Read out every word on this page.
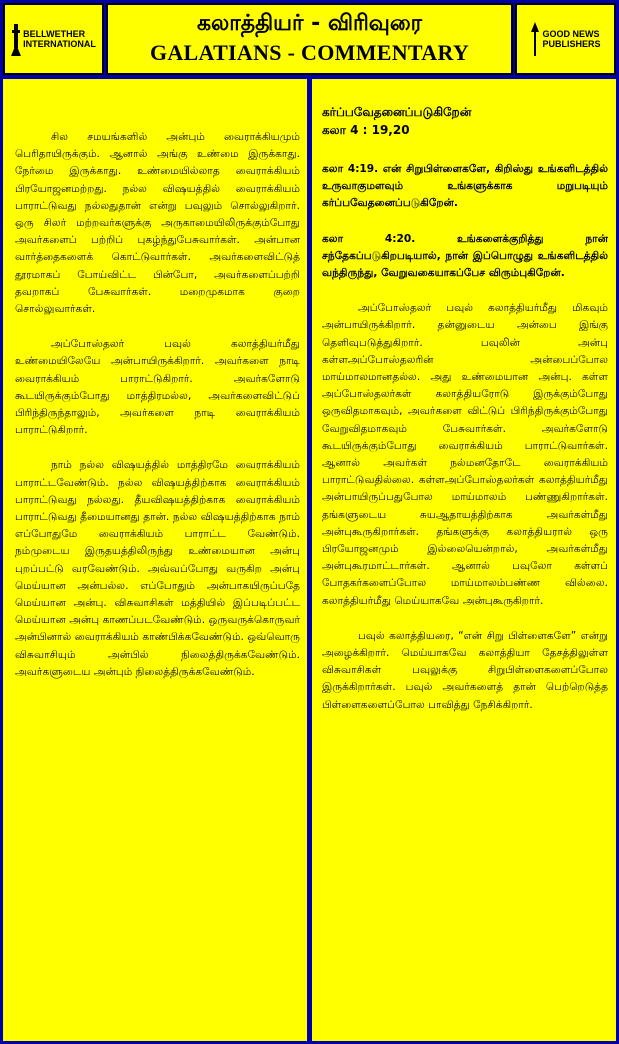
BELLWETHER
INTERNATIONAL
கலாத்தியர் - விரிவுரை
GALATIANS - COMMENTARY
GOOD NEWS
PUBLISHERS

சில சமயங்களில் அன்பும் வைராக்கியமும் பெரிதாயிருக்கும். ஆனால் அங்கு உண்மை இருக்காது. நேர்மை இருக்காது. உண்மையில்லாத வைராக்கியம் பிரயோஜனமற்றது. நல்ல விஷயத்தில் வைராக்கியம் பாராட்டுவது நல்லதுதான் என்று பவுலும் சொல்லுகிறார். ஒரு சிலர் மற்றவர்களுக்கு அருகாமையிலிருக்கும்போது அவர்களைப் பற்றிப் புகழ்ந்துபேசுவார்கள். அன்பான வார்த்தைகளைக் கொட்டுவார்கள். அவர்களைவிட்டுத் தூரமாகப் போய்விட்ட பின்போ, அவர்களைப்பற்றி தவறாகப் பேசுவார்கள். மறைமுகமாக குறை சொல்லுவார்கள்.

அப்போஸ்தலர் பவுல் கலாத்தியர்மீது உண்மையிலேயே அன்பாயிருக்கிறார். அவர்களை நாடி வைராக்கியம் பாராட்டுகிறார். அவர்களோடு கூடயிருக்கும்போது மாத்திரமல்ல, அவர்களைவிட்டுப் பிரிந்திருந்தாலும், அவர்களை நாடி வைராக்கியம் பாராட்டுகிறார்.

நாம் நல்ல விஷயத்தில் மாத்திரமே வைராக்கியம் பாராட்டவேண்டும். நல்ல விஷயத்திற்காக வைராக்கியம் பாராட்டுவது நல்லது. தீயவிஷயத்திற்காக வைராக்கியம் பாராட்டுவது தீமையானது தான். நல்ல விஷயத்திற்காக நாம் எப்போதுமே வைராக்கியம் பாராட்ட வேண்டும். நம்முடைய இருதயத்திலிருந்து உண்மையான அன்பு புறப்பட்டு வரவேண்டும். அவ்வப்போது வருகிற அன்பு மெய்யான அன்பல்ல. எப்போதும் அன்பாகயிருப்பதே மெய்யான அன்பு. விசுவாசிகள் மத்தியில் இப்படிப்பட்ட மெய்யான அன்பு காணப்படவேண்டும். ஒருவருக்கொருவர் அன்பினால் வைராக்கியம் காண்பிக்கவேண்டும். ஒவ்வொரு விசுவாசியும் அன்பில் நிலைத்திருக்கவேண்டும். அவர்களுடைய அன்பும் நிலைத்திருக்கவேண்டும்.

கர்ப்பவேதனைப்படுகிறேன்
கலா 4 : 19,20

கலா 4:19. என் சிறுபிள்ளைகளே, கிறிஸ்து உங்களிடத்தில் உருவாகுமளவும் உங்களுக்காக மறுபடியும் கர்ப்பவேதனைப்படுகிறேன்.

கலா 4:20. உங்களைக்குறித்து நான் சந்தேகப்படுகிறபடியால், நான் இப்பொழுது உங்களிடத்தில் வந்திருந்து, வேறுவகையாகப்பேச விரும்புகிறேன்.

அப்போஸ்தலர் பவுல் கலாத்தியர்மீது மிகவும் அன்பாயிருக்கிறார். தன்னுடைய அன்பை இங்கு தெளிவுபடுத்துகிறார். பவுலின் அன்பு கள்ளஅப்போஸ்தலரின் அன்பைப்போல மாய்மாலமானதல்ல. அது உண்மையான அன்பு. கள்ள அப்போஸ்தலர்கள் கலாத்தியரோடு இருக்கும்போது ஒருவிதமாகவும், அவர்களை விட்டுப் பிரிந்திருக்கும்போது வேறுவிதமாகவும் பேசுவார்கள். அவர்களோடு கூடயிருக்கும்போது வைராக்கியம் பாராட்டுவார்கள். ஆனால் அவர்கள் நல்மனதோடே வைராக்கியம் பாராட்டுவதில்லை. கள்ளஅப்போஸ்தலர்கள் கலாத்தியர்மீது அன்பாயிருப்பதுபோல மாய்மாலம் பண்ணுகிறார்கள். தங்களுடைய சுயஆதாயத்திற்காக அவர்கள்மீது அன்புகூருகிறார்கள். தங்களுக்கு கலாத்தியரால் ஒரு பிரயோஜனமும் இல்லையென்றால், அவர்கள்மீது அன்புகூரமாட்டார்கள். ஆனால் பவுலோ கள்ளப் போதகர்களைப்போல மாய்மாலம்பண்ண வில்லை. கலாத்தியர்மீது மெய்யாகவே அன்புகூருகிறார்.

பவுல் கலாத்தியரை, “என் சிறு பிள்ளைகளே” என்று அழைக்கிறார். மெய்யாகவே கலாத்தியா தேசத்திலுள்ள விசுவாசிகள் பவுலுக்கு சிறுபிள்ளைகளைப்போல இருக்கிறார்கள். பவுல் அவர்களைத் தான் பெற்றெடுத்த பிள்ளைகளைப்போல பாவித்து நேசிக்கிறார்.
